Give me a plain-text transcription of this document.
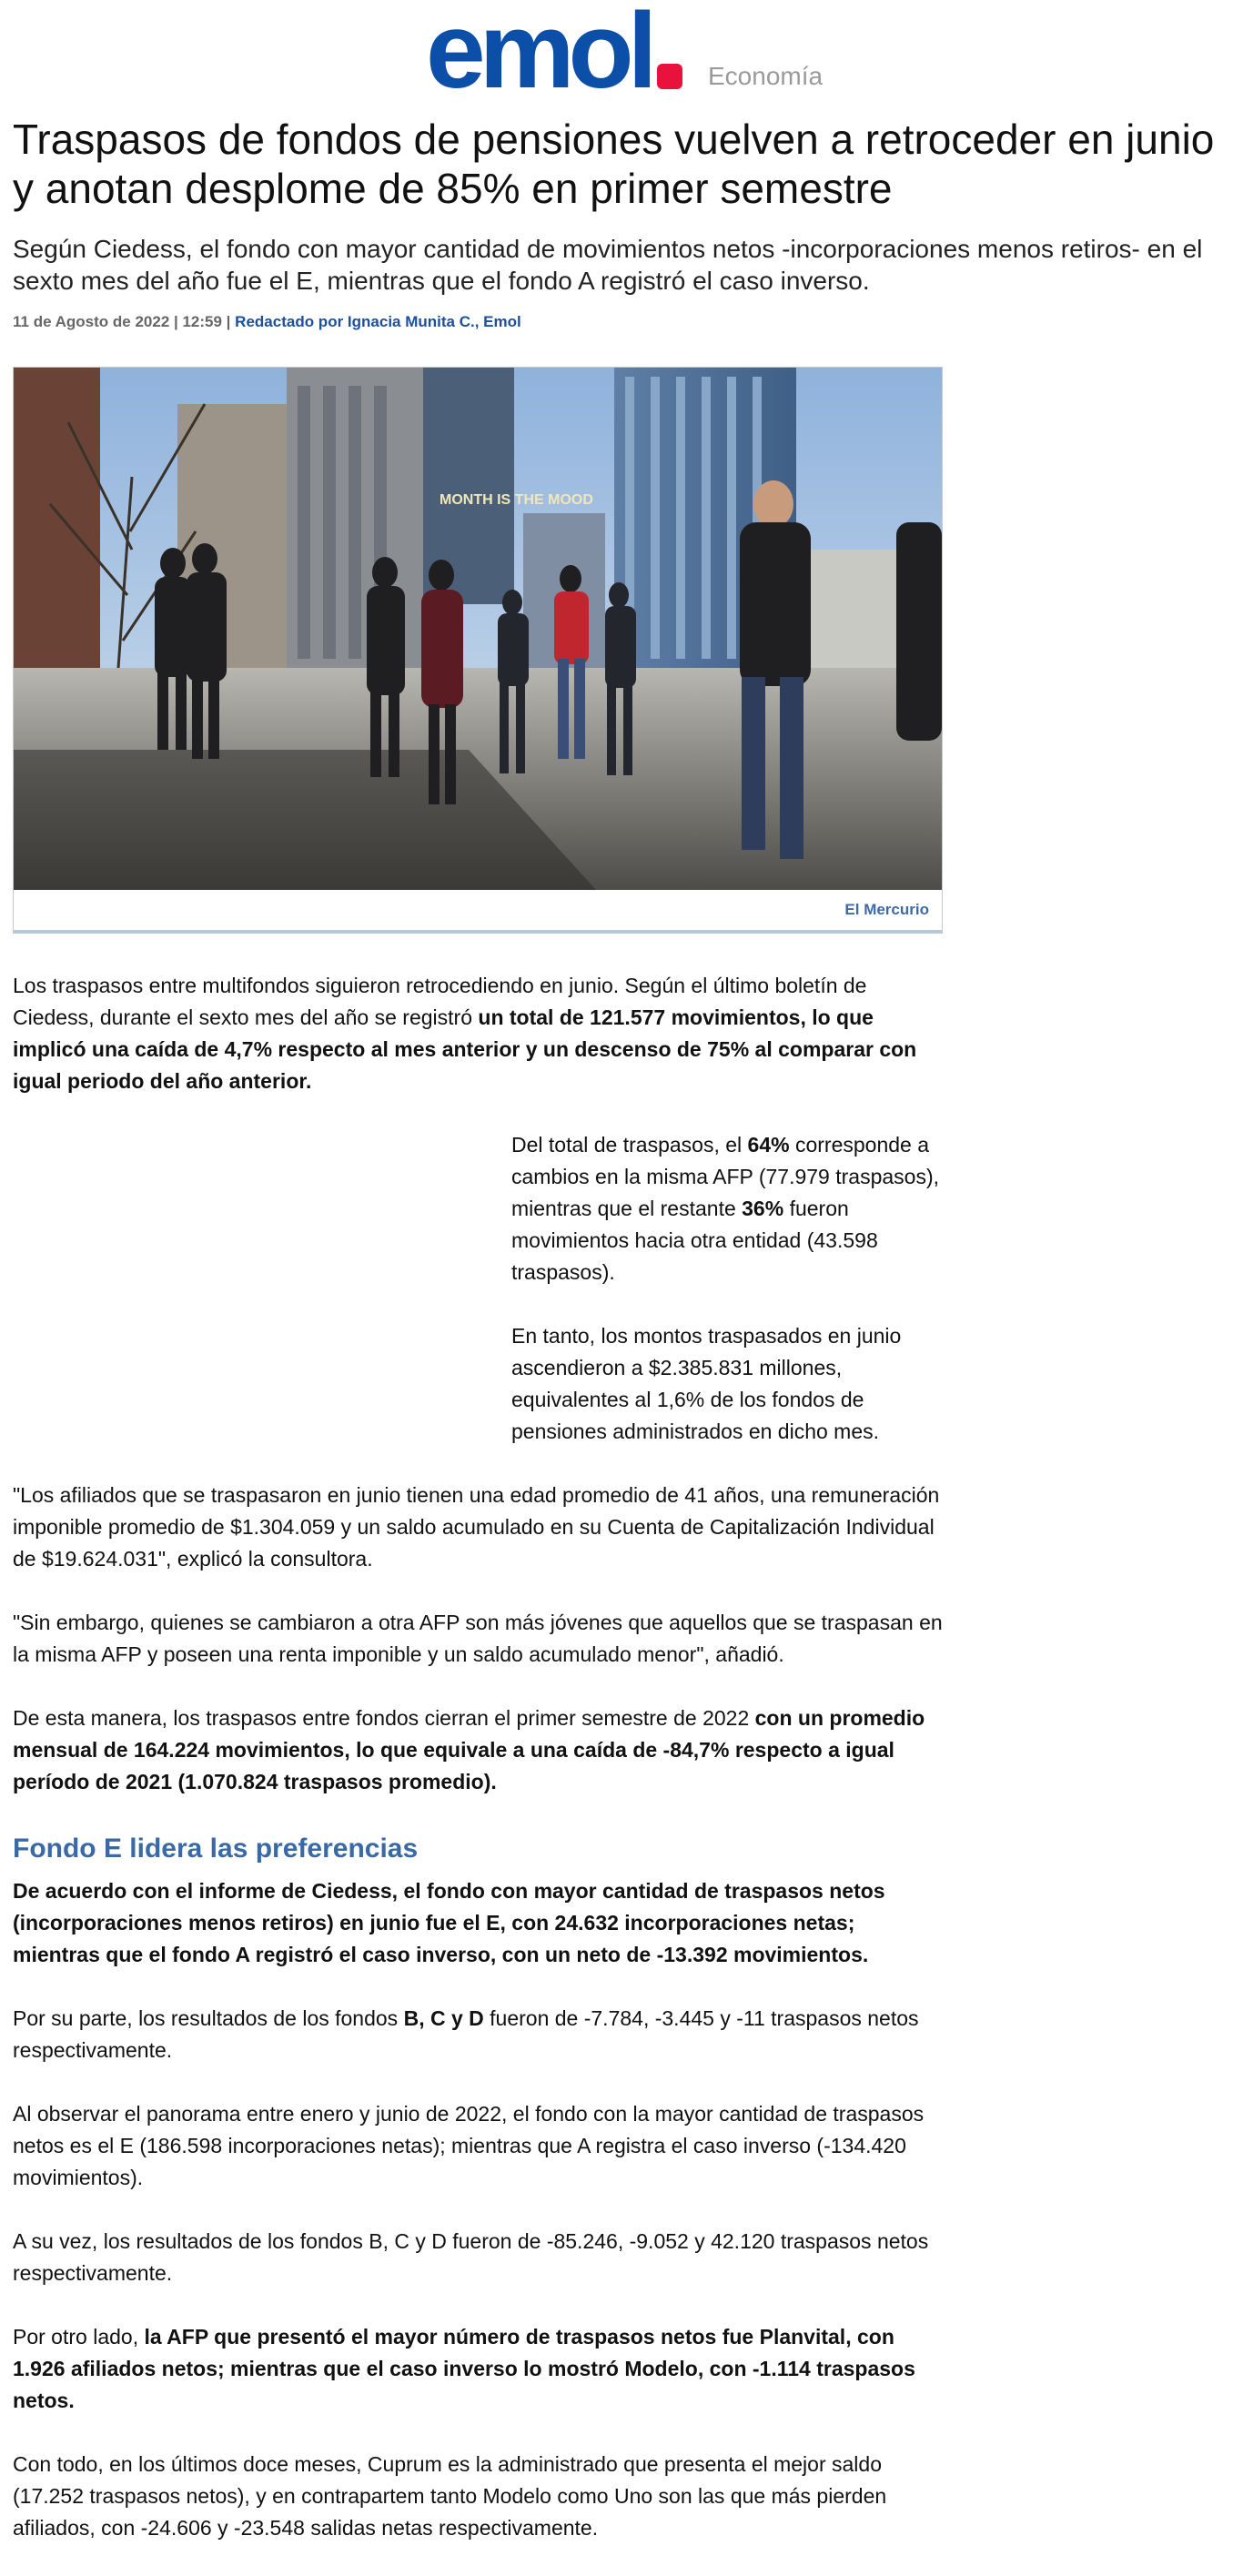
emol Economía
Traspasos de fondos de pensiones vuelven a retroceder en junio y anotan desplome de 85% en primer semestre

Según Ciedess, el fondo con mayor cantidad de movimientos netos -incorporaciones menos retiros- en el sexto mes del año fue el E, mientras que el fondo A registró el caso inverso.

11 de Agosto de 2022 | 12:59 | Redactado por Ignacia Munita C., Emol
MONTH IS THE MOOD
El Mercurio

Los traspasos entre multifondos siguieron retrocediendo en junio. Según el último boletín de Ciedess, durante el sexto mes del año se registró un total de 121.577 movimientos, lo que implicó una caída de 4,7% respecto al mes anterior y un descenso de 75% al comparar con igual periodo del año anterior.

Del total de traspasos, el 64% corresponde a cambios en la misma AFP (77.979 traspasos), mientras que el restante 36% fueron movimientos hacia otra entidad (43.598 traspasos).

En tanto, los montos traspasados en junio ascendieron a $2.385.831 millones, equivalentes al 1,6% de los fondos de pensiones administrados en dicho mes.

"Los afiliados que se traspasaron en junio tienen una edad promedio de 41 años, una remuneración imponible promedio de $1.304.059 y un saldo acumulado en su Cuenta de Capitalización Individual de $19.624.031", explicó la consultora.

"Sin embargo, quienes se cambiaron a otra AFP son más jóvenes que aquellos que se traspasan en la misma AFP y poseen una renta imponible y un saldo acumulado menor", añadió.

De esta manera, los traspasos entre fondos cierran el primer semestre de 2022 con un promedio mensual de 164.224 movimientos, lo que equivale a una caída de -84,7% respecto a igual período de 2021 (1.070.824 traspasos promedio).

Fondo E lidera las preferencias

De acuerdo con el informe de Ciedess, el fondo con mayor cantidad de traspasos netos (incorporaciones menos retiros) en junio fue el E, con 24.632 incorporaciones netas; mientras que el fondo A registró el caso inverso, con un neto de -13.392 movimientos.

Por su parte, los resultados de los fondos B, C y D fueron de -7.784, -3.445 y -11 traspasos netos respectivamente.

Al observar el panorama entre enero y junio de 2022, el fondo con la mayor cantidad de traspasos netos es el E (186.598 incorporaciones netas); mientras que A registra el caso inverso (-134.420 movimientos).

A su vez, los resultados de los fondos B, C y D fueron de -85.246, -9.052 y 42.120 traspasos netos respectivamente.

Por otro lado, la AFP que presentó el mayor número de traspasos netos fue Planvital, con 1.926 afiliados netos; mientras que el caso inverso lo mostró Modelo, con -1.114 traspasos netos.

Con todo, en los últimos doce meses, Cuprum es la administrado que presenta el mejor saldo (17.252 traspasos netos), y en contrapartem tanto Modelo como Uno son las que más pierden afiliados, con -24.606 y -23.548 salidas netas respectivamente.
